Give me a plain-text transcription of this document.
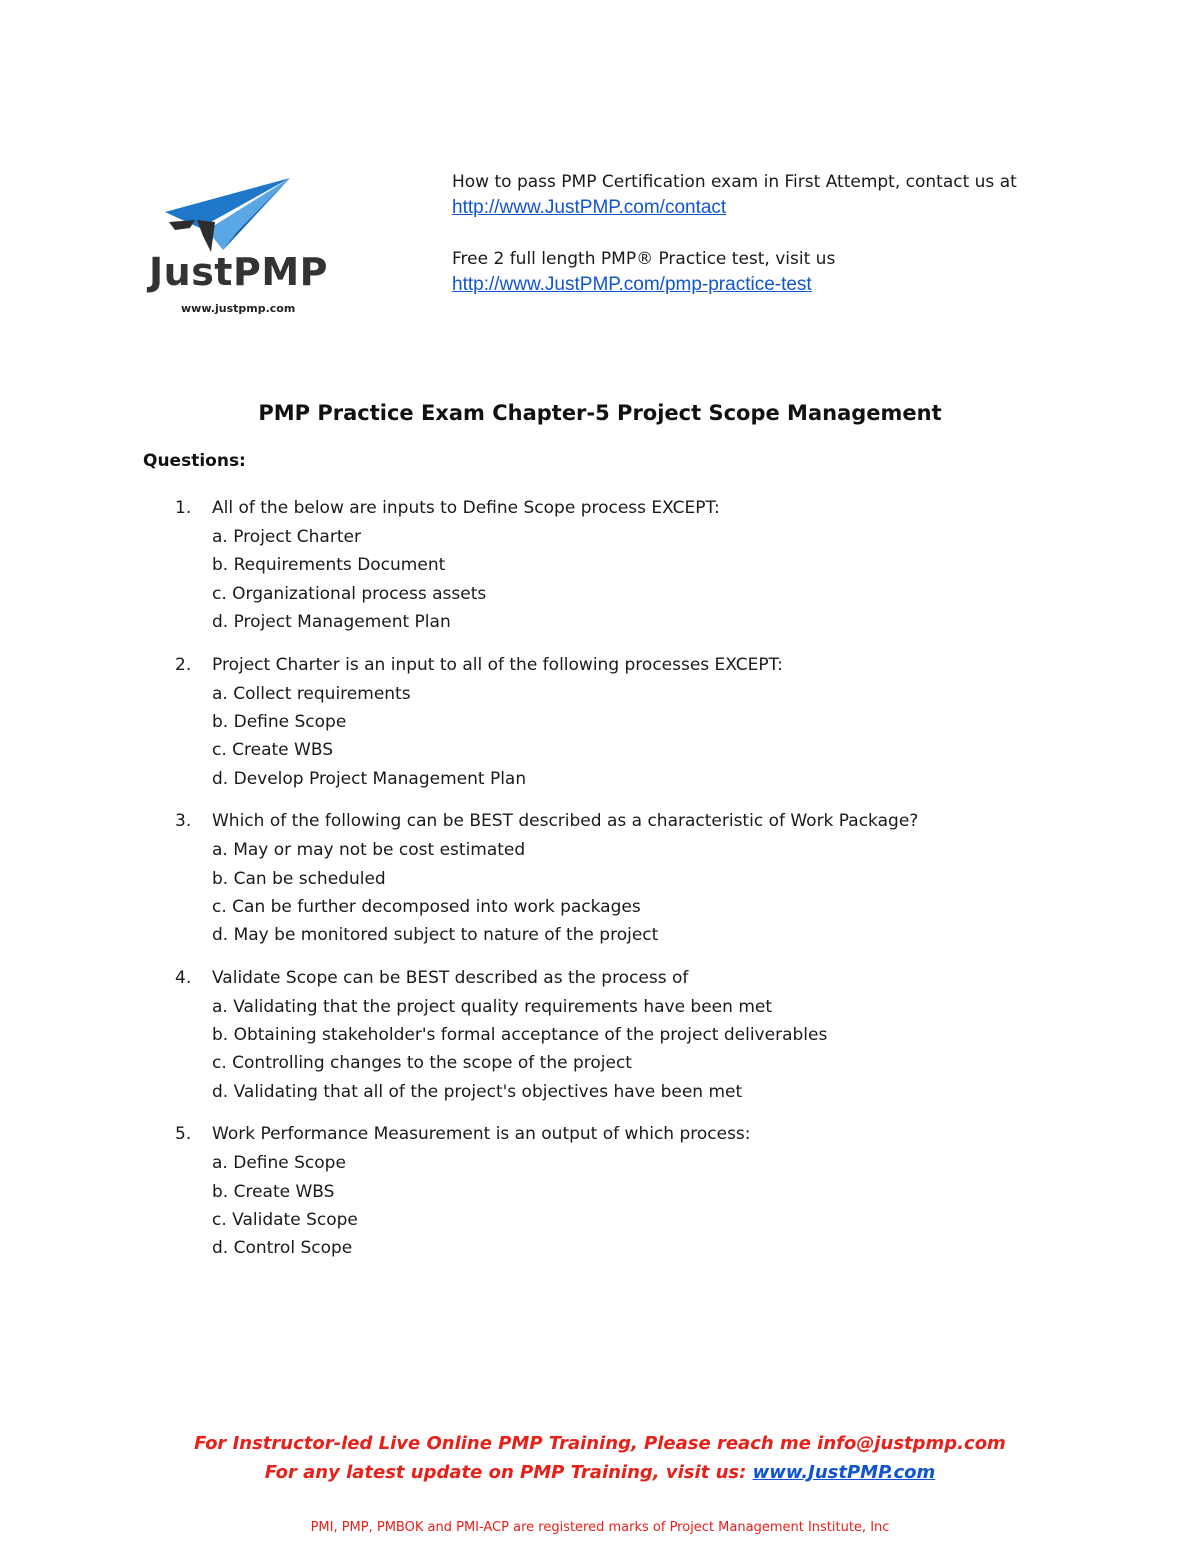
JustPMP
www.justpmp.com
How to pass PMP Certification exam in First Attempt, contact us at
http://www.JustPMP.com/contact
Free 2 full length PMP® Practice test, visit us
http://www.JustPMP.com/pmp-practice-test
PMP Practice Exam Chapter-5 Project Scope Management
Questions:
1.	All of the below are inputs to Define Scope process EXCEPT:
a. Project Charter
b. Requirements Document
c. Organizational process assets
d. Project Management Plan
2.	Project Charter is an input to all of the following processes EXCEPT:
a. Collect requirements
b. Define Scope
c. Create WBS
d. Develop Project Management Plan
3.	Which of the following can be BEST described as a characteristic of Work Package?
a. May or may not be cost estimated
b. Can be scheduled
c. Can be further decomposed into work packages
d. May be monitored subject to nature of the project
4.	Validate Scope can be BEST described as the process of
a. Validating that the project quality requirements have been met
b. Obtaining stakeholder's formal acceptance of the project deliverables
c. Controlling changes to the scope of the project
d. Validating that all of the project's objectives have been met
5.	Work Performance Measurement is an output of which process:
a. Define Scope
b. Create WBS
c. Validate Scope
d. Control Scope
For Instructor-led Live Online PMP Training, Please reach me info@justpmp.com
For any latest update on PMP Training, visit us: www.JustPMP.com
PMI, PMP, PMBOK and PMI-ACP are registered marks of Project Management Institute, Inc
